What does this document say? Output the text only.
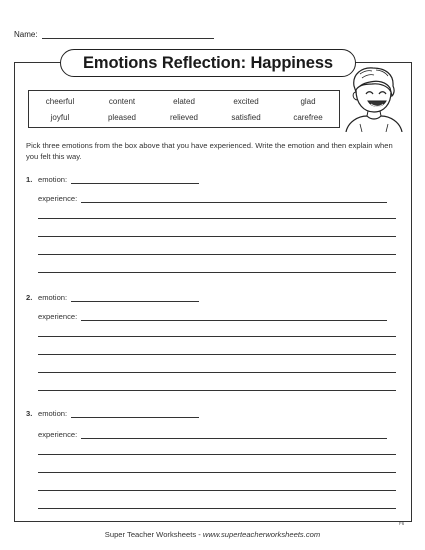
Name:
Emotions Reflection: Happiness
cheerful	content	elated	excited	glad
joyful	pleased	relieved	satisfied	carefree
Pick three emotions from the box above that you have experienced. Write the emotion and then explain when you felt this way.
1. emotion:
experience:
2. emotion:
experience:
3. emotion:
experience:
F6
Super Teacher Worksheets - www.superteacherworksheets.com
